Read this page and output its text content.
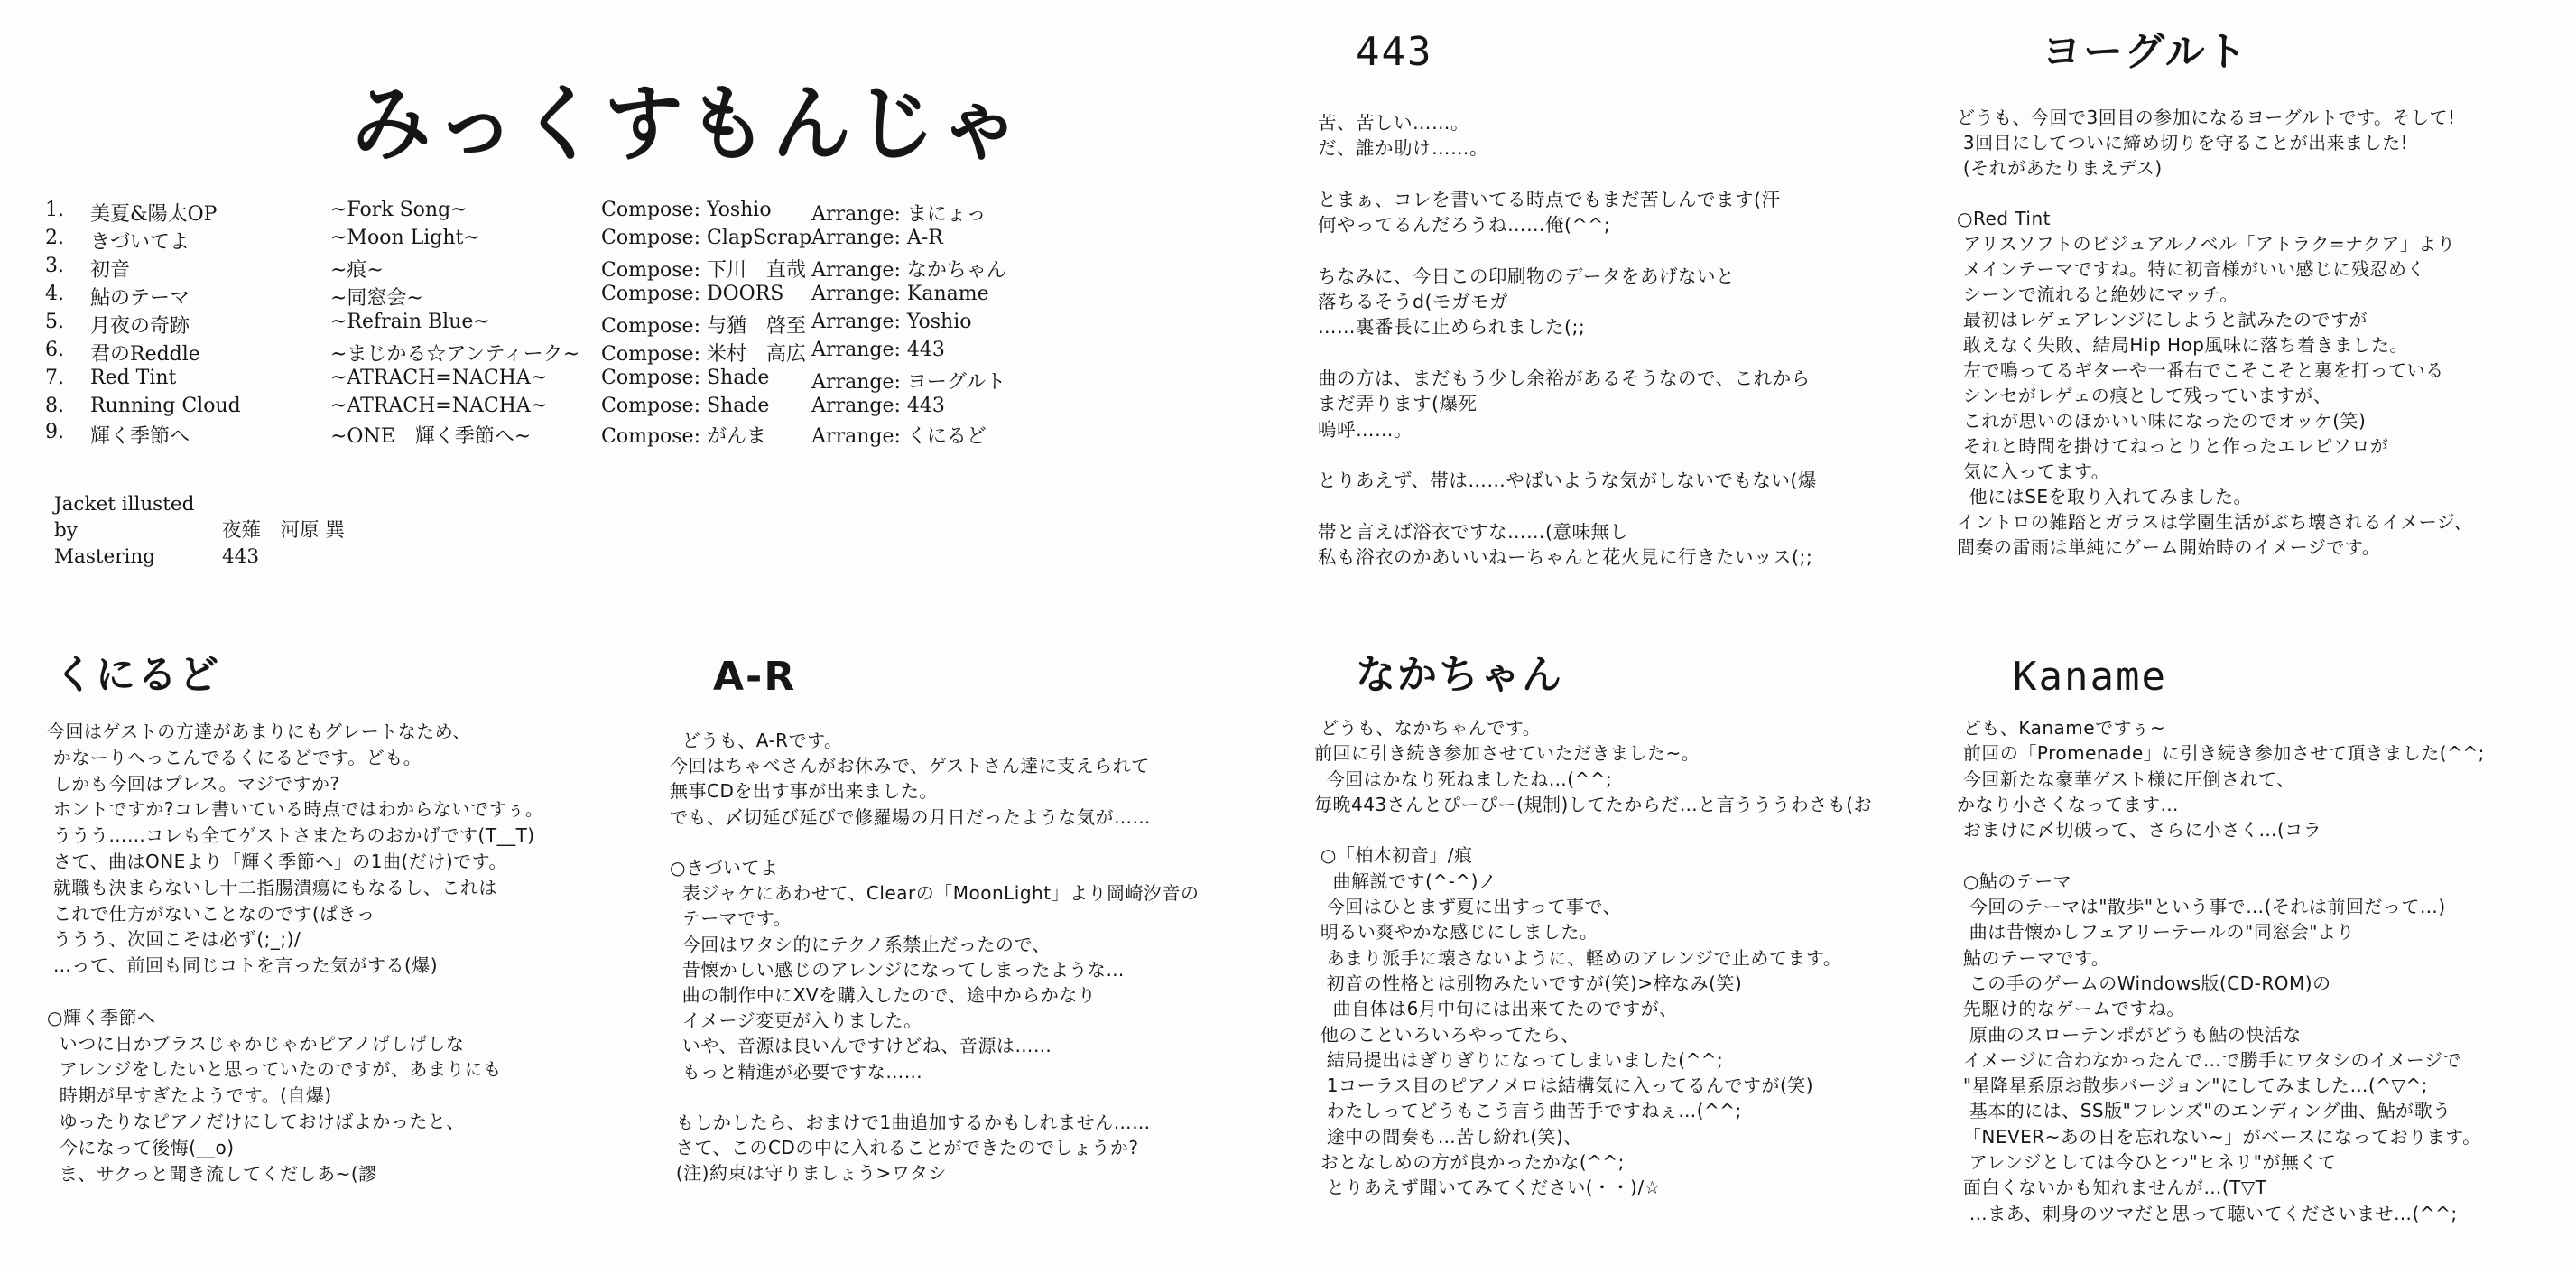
みっくすもんじゃ
1.	美夏&陽太OP	~Fork Song~	Compose: Yoshio	Arrange: まにょっ
2.	きづいてよ	~Moon Light~	Compose: ClapScrap	Arrange: A-R
3.	初音	~痕~	Compose: 下川　直哉	Arrange: なかちゃん
4.	鮎のテーマ	~同窓会~	Compose: DOORS	Arrange: Kaname
5.	月夜の奇跡	~Refrain Blue~	Compose: 与猶　啓至	Arrange: Yoshio
6.	君のReddle	~まじかる☆アンティーク~	Compose: 米村　高広	Arrange: 443
7.	Red Tint	~ATRACH=NACHA~	Compose: Shade	Arrange: ヨーグルト
8.	Running Cloud	~ATRACH=NACHA~	Compose: Shade	Arrange: 443
9.	輝く季節へ	~ONE　輝く季節へ~	Compose: がんま	Arrange: くにるど
Jacket illusted by	夜薙　河原 巽
Mastering	443
443
苦、苦しい……。
だ、誰か助け……。

とまぁ、コレを書いてる時点でもまだ苦しんでます(汗
何やってるんだろうね……俺(^^;

ちなみに、今日この印刷物のデータをあげないと
落ちるそうd(モガモガ
……裏番長に止められました(;;

曲の方は、まだもう少し余裕があるそうなので、これから
まだ弄ります(爆死
嗚呼……。

とりあえず、帯は……やばいような気がしないでもない(爆

帯と言えば浴衣ですな……(意味無し
私も浴衣のかあいいねーちゃんと花火見に行きたいッス(;;
ヨーグルト
どうも、今回で3回目の参加になるヨーグルトです。そして!
3回目にしてついに締め切りを守ることが出来ました!
(それがあたりまえデス)

○Red Tint
アリスソフトのビジュアルノベル「アトラク=ナクア」より
メインテーマですね。特に初音様がいい感じに残忍めく
シーンで流れると絶妙にマッチ。
最初はレゲェアレンジにしようと試みたのですが
敢えなく失敗、結局Hip Hop風味に落ち着きました。
左で鳴ってるギターや一番右でこそこそと裏を打っている
シンセがレゲェの痕として残っていますが、
これが思いのほかいい味になったのでオッケ(笑)
それと時間を掛けてねっとりと作ったエレピソロが
気に入ってます。
他にはSEを取り入れてみました。
イントロの雑踏とガラスは学園生活がぶち壊されるイメージ、
間奏の雷雨は単純にゲーム開始時のイメージです。
くにるど
今回はゲストの方達があまりにもグレートなため、
かなーりへっこんでるくにるどです。ども。
しかも今回はプレス。マジですか?
ホントですか?コレ書いている時点ではわからないですぅ。
ううう……コレも全てゲストさまたちのおかげです(T__T)
さて、曲はONEより「輝く季節へ」の1曲(だけ)です。
就職も決まらないし十二指腸潰瘍にもなるし、これは
これで仕方がないことなのです(ぱきっ
ううう、次回こそは必ず(;_;)/
…って、前回も同じコトを言った気がする(爆)

○輝く季節へ
いつに日かブラスじゃかじゃかピアノげしげしな
アレンジをしたいと思っていたのですが、あまりにも
時期が早すぎたようです。(自爆)
ゆったりなピアノだけにしておけばよかったと、
今になって後悔(__o)
ま、サクっと聞き流してくだしあ~(謬
A-R
どうも、A-Rです。
今回はちゃべさんがお休みで、ゲストさん達に支えられて
無事CDを出す事が出来ました。
でも、〆切延び延びで修羅場の月日だったような気が……

○きづいてよ
表ジャケにあわせて、Clearの「MoonLight」より岡崎汐音の
テーマです。
今回はワタシ的にテクノ系禁止だったので、
昔懐かしい感じのアレンジになってしまったような…
曲の制作中にXVを購入したので、途中からかなり
イメージ変更が入りました。
いや、音源は良いんですけどね、音源は……
もっと精進が必要ですな……

もしかしたら、おまけで1曲追加するかもしれません……
さて、このCDの中に入れることができたのでしょうか?
(注)約束は守りましょう>ワタシ
なかちゃん
どうも、なかちゃんです。
前回に引き続き参加させていただきました~。
今回はかなり死ねましたね…(^^;
毎晩443さんとぴーぴー(規制)してたからだ…と言うううわさも(お

○「柏木初音」/痕
曲解説です(^-^)ノ
今回はひとまず夏に出すって事で、
明るい爽やかな感じにしました。
あまり派手に壊さないように、軽めのアレンジで止めてます。
初音の性格とは別物みたいですが(笑)>梓なみ(笑)
曲自体は6月中旬には出来てたのですが、
他のこといろいろやってたら、
結局提出はぎりぎりになってしまいました(^^;
1コーラス目のピアノメロは結構気に入ってるんですが(笑)
わたしってどうもこう言う曲苦手ですねぇ…(^^;
途中の間奏も…苦し紛れ(笑)、
おとなしめの方が良かったかな(^^;
とりあえず聞いてみてください(・・)/☆
Kaname
ども、Kanameですぅ~
前回の「Promenade」に引き続き参加させて頂きました(^^;
今回新たな豪華ゲスト様に圧倒されて、
かなり小さくなってます…
おまけに〆切破って、さらに小さく…(コラ

○鮎のテーマ
今回のテーマは"散歩"という事で…(それは前回だって…)
曲は昔懐かしフェアリーテールの"同窓会"より
鮎のテーマです。
この手のゲームのWindows版(CD-ROM)の
先駆け的なゲームですね。
原曲のスローテンポがどうも鮎の快活な
イメージに合わなかったんで…で勝手にワタシのイメージで
"星降星系原お散歩バージョン"にしてみました…(^▽^;
基本的には、SS版"フレンズ"のエンディング曲、鮎が歌う
「NEVER~あの日を忘れない~」がベースになっております。
アレンジとしては今ひとつ"ヒネリ"が無くて
面白くないかも知れませんが…(T▽T
…まあ、刺身のツマだと思って聴いてくださいませ…(^^;
